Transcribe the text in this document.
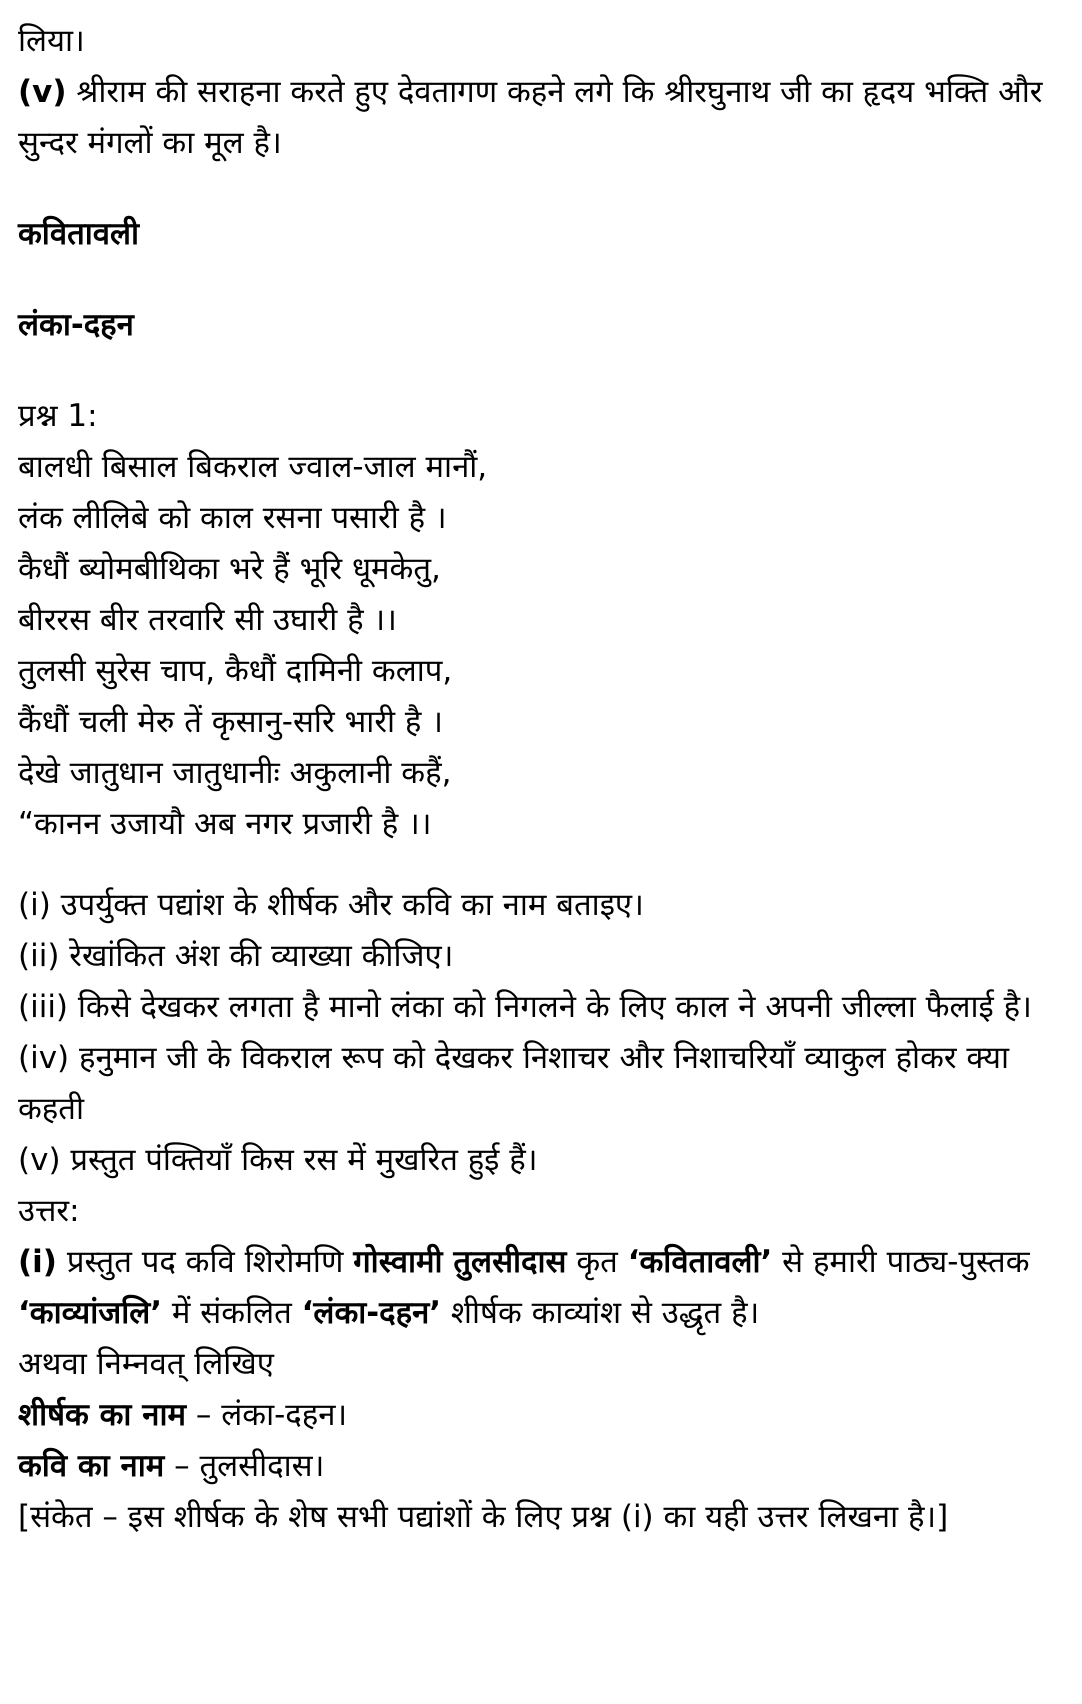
लिया।
(v) श्रीराम की सराहना करते हुए देवतागण कहने लगे कि श्रीरघुनाथ जी का हृदय भक्ति और सुन्दर मंगलों का मूल है।
कवितावली
लंका-दहन
प्रश्न 1:
बालधी बिसाल बिकराल ज्वाल-जाल मानौं,
लंक लीलिबे को काल रसना पसारी है ।
कैधौं ब्योमबीथिका भरे हैं भूरि धूमकेतु,
बीररस बीर तरवारि सी उघारी है ।।
तुलसी सुरेस चाप, कैधौं दामिनी कलाप,
कैंधौं चली मेरु तें कृसानु-सरि भारी है ।
देखे जातुधान जातुधानीः अकुलानी कहैं,
“कानन उजायौ अब नगर प्रजारी है ।।
(i) उपर्युक्त पद्यांश के शीर्षक और कवि का नाम बताइए।
(ii) रेखांकित अंश की व्याख्या कीजिए।
(iii) किसे देखकर लगता है मानो लंका को निगलने के लिए काल ने अपनी जील्ला फैलाई है।
(iv) हनुमान जी के विकराल रूप को देखकर निशाचर और निशाचरियाँ व्याकुल होकर क्या कहती
(v) प्रस्तुत पंक्तियाँ किस रस में मुखरित हुई हैं।
उत्तर:
(i) प्रस्तुत पद कवि शिरोमणि गोस्वामी तुलसीदास कृत ‘कवितावली’ से हमारी पाठ्य-पुस्तक ‘काव्यांजलि’ में संकलित ‘लंका-दहन’ शीर्षक काव्यांश से उद्धृत है।
अथवा निम्नवत् लिखिए
शीर्षक का नाम – लंका-दहन।
कवि का नाम – तुलसीदास।
[संकेत – इस शीर्षक के शेष सभी पद्यांशों के लिए प्रश्न (i) का यही उत्तर लिखना है।]
